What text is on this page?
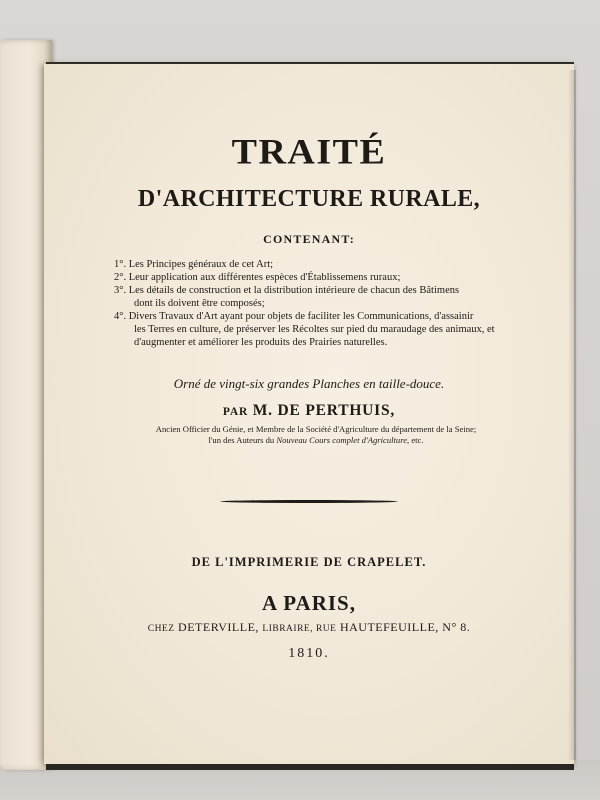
TRAITÉ
D'ARCHITECTURE RURALE,
CONTENANT:

1°. Les Principes généraux de cet Art;

2°. Leur application aux différentes espèces d'Établissemens ruraux;

3°. Les détails de construction et la distribution intérieure de chacun des Bâtimens
dont ils doivent être composés;

4°. Divers Travaux d'Art ayant pour objets de faciliter les Communications, d'assainir
les Terres en culture, de préserver les Récoltes sur pied du maraudage des animaux, et d'augmenter et améliorer les produits des Prairies naturelles.

Orné de vingt-six grandes Planches en taille-douce.
PAR M. DE PERTHUIS,
Ancien Officier du Génie, et Membre de la Société d'Agriculture du département de la Seine;
l'un des Auteurs du Nouveau Cours complet d'Agriculture, etc.
DE L'IMPRIMERIE DE CRAPELET.
A PARIS,
CHEZ DETERVILLE, LIBRAIRE, RUE HAUTEFEUILLE, N° 8.
1810.
